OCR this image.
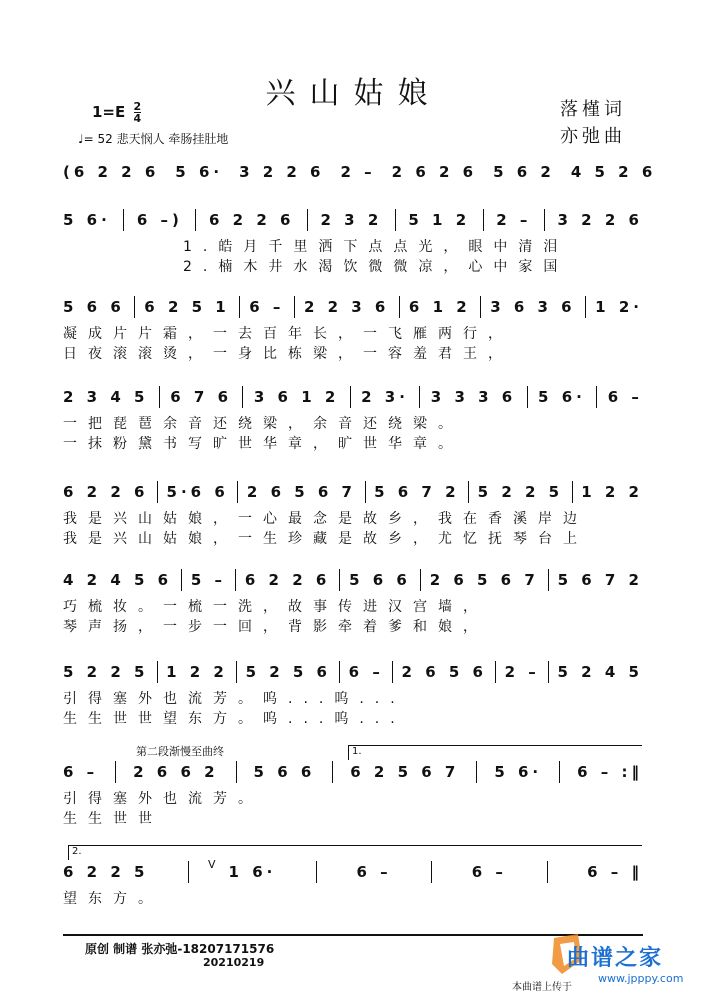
兴山姑娘
$1=E \frac{2}{4}$
♩= 52 悲天悯人 牵肠挂肚地
落槿词
亦弛曲
(6 2 2 6 5 6· 3 2 2 6 2 – 2 6 2 6 5 6 2 4 5 2 6
5 6· 6 –) 6 2 2 6 2 3 2 5 1 2 2 – 3 2 2 6
1.皓月千里洒下点点光，眼中清泪
2.楠木井水渴饮微微凉，心中家国
5 6 6 6 2 5 1 6 – 2 2 3 6 6 1 2 3 6 3 6 1 2·
凝成片片霜，一去百年长，一飞雁两行，
日夜滚滚烫，一身比栋梁，一容羞君王，
2 3 4 5 6 7 6 3 6 1 2 2 3· 3 3 3 6 5 6· 6 –
一把琵琶余音还绕梁，余音还绕梁。
一抹粉黛书写旷世华章，旷世华章。
6 2 2 6 5·6 6 2 6 5 6 7 5 6 7 2 5 2 2 5 1 2 2
我是兴山姑娘，一心最念是故乡，我在香溪岸边
我是兴山姑娘，一生珍藏是故乡，尤忆抚琴台上
4 2 4 5 6 5 – 6 2 2 6 5 6 6 2 6 5 6 7 5 6 7 2
巧梳妆。一梳一洗，故事传进汉宫墙，
琴声扬，一步一回，背影牵着爹和娘，
5 2 2 5 1 2 2 5 2 5 6 6 – 2 6 5 6 2 – 5 2 4 5
引得塞外也流芳。呜...呜...
生生世世望东方。呜...呜...
6 – 2 6 6 2 5 6 6 6 2 5 6 7 5 6· 6 – :‖
引得塞外也流芳。
生生世世
6 2 2 5	1 6·	6 –	6 –	6 – ‖
望东方。
第二段渐慢至曲终	1.
2.
V
原创 制谱 张亦弛-18207171576
20210219	曲谱之家
www.jpppy.com
本曲谱上传于
